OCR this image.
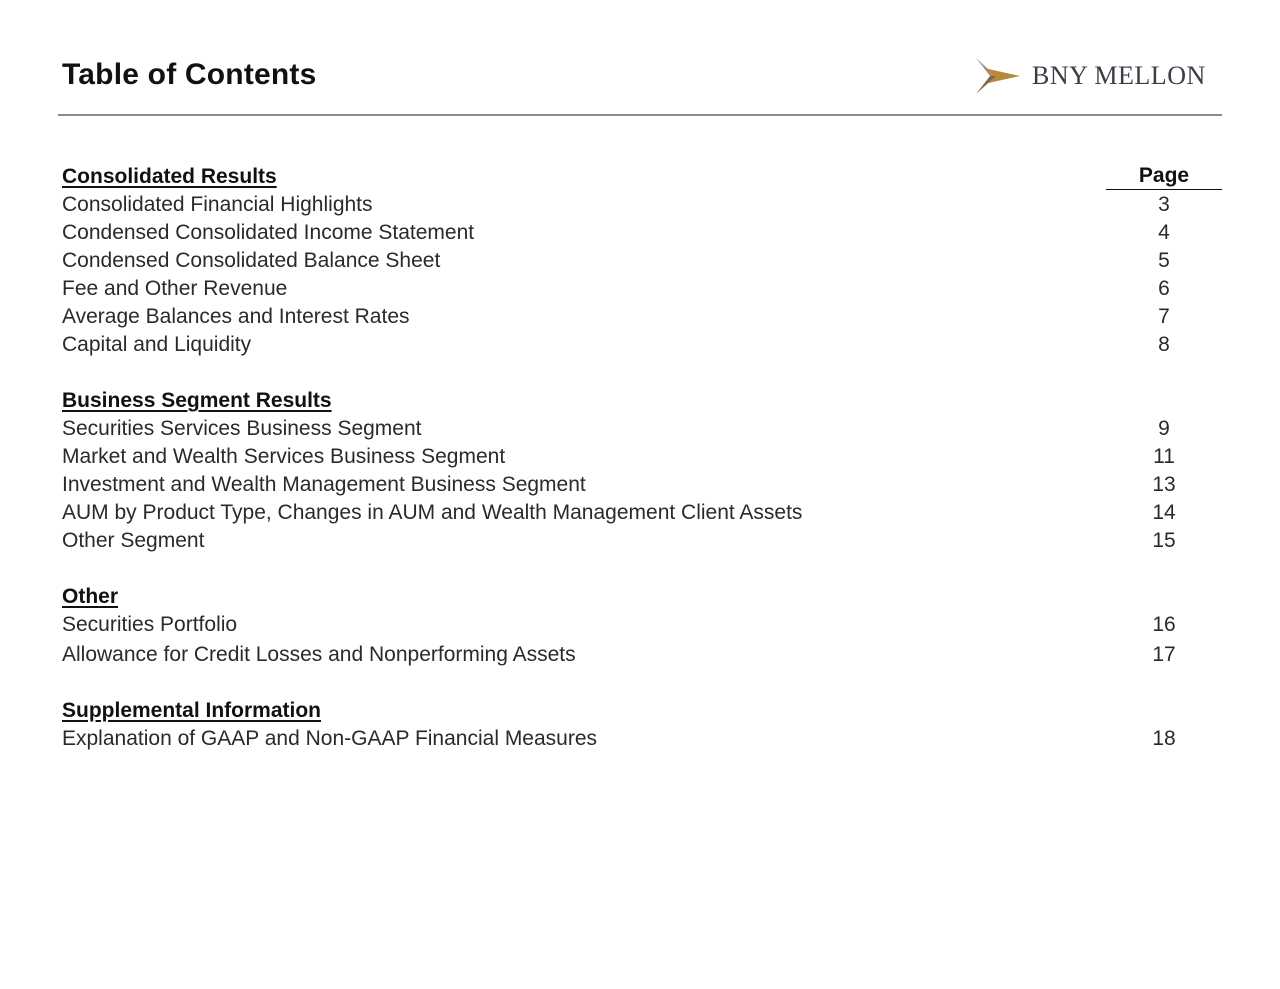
Table of Contents	BNY MELLON
Consolidated Results	Page
Consolidated Financial Highlights	3
Condensed Consolidated Income Statement	4
Condensed Consolidated Balance Sheet	5
Fee and Other Revenue	6
Average Balances and Interest Rates	7
Capital and Liquidity	8
Business Segment Results
Securities Services Business Segment	9
Market and Wealth Services Business Segment	11
Investment and Wealth Management Business Segment	13
AUM by Product Type, Changes in AUM and Wealth Management Client Assets	14
Other Segment	15
Other
Securities Portfolio	16
Allowance for Credit Losses and Nonperforming Assets	17
Supplemental Information
Explanation of GAAP and Non-GAAP Financial Measures	18
